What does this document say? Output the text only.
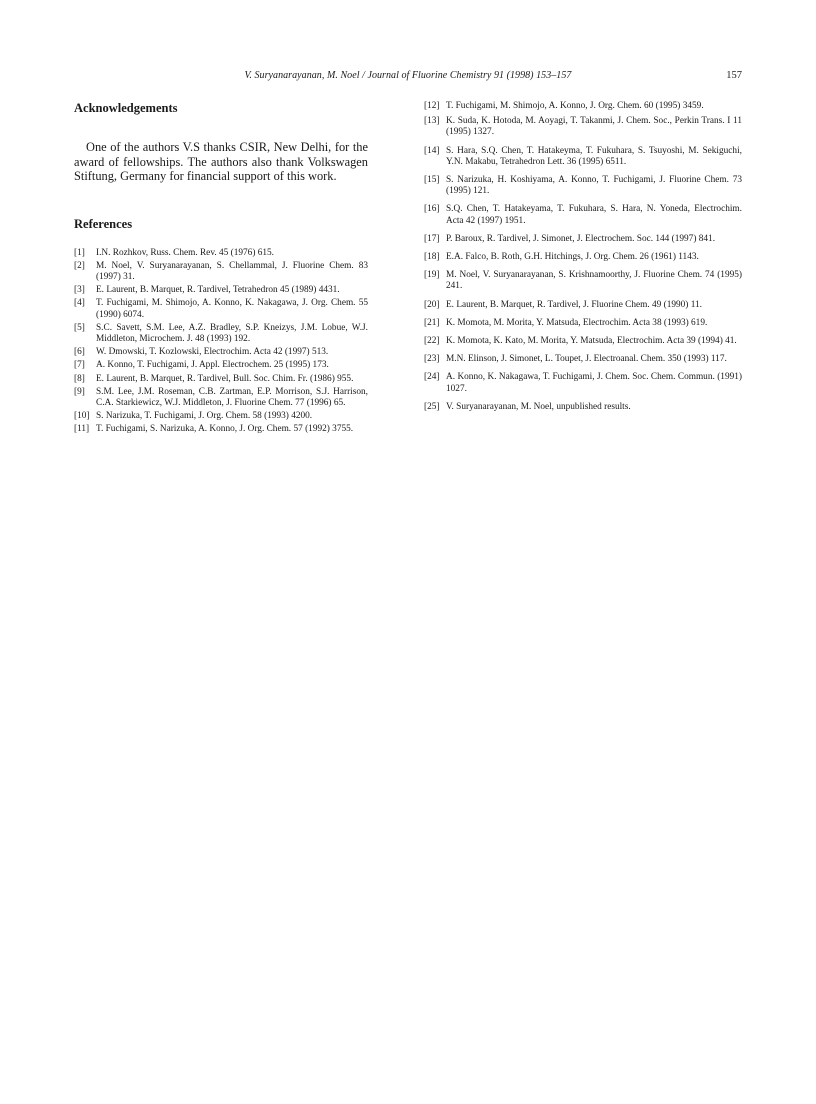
V. Suryanarayanan, M. Noel / Journal of Fluorine Chemistry 91 (1998) 153–157	157
Acknowledgements

One of the authors V.S thanks CSIR, New Delhi, for the award of fellowships. The authors also thank Volkswagen Stiftung, Germany for financial support of this work.

References
[1]	I.N. Rozhkov, Russ. Chem. Rev. 45 (1976) 615.
[2]	M. Noel, V. Suryanarayanan, S. Chellammal, J. Fluorine Chem. 83 (1997) 31.
[3]	E. Laurent, B. Marquet, R. Tardivel, Tetrahedron 45 (1989) 4431.
[4]	T. Fuchigami, M. Shimojo, A. Konno, K. Nakagawa, J. Org. Chem. 55 (1990) 6074.
[5]	S.C. Savett, S.M. Lee, A.Z. Bradley, S.P. Kneizys, J.M. Lobue, W.J. Middleton, Microchem. J. 48 (1993) 192.
[6]	W. Dmowski, T. Kozlowski, Electrochim. Acta 42 (1997) 513.
[7]	A. Konno, T. Fuchigami, J. Appl. Electrochem. 25 (1995) 173.
[8]	E. Laurent, B. Marquet, R. Tardivel, Bull. Soc. Chim. Fr. (1986) 955.
[9]	S.M. Lee, J.M. Roseman, C.B. Zartman, E.P. Morrison, S.J. Harrison, C.A. Starkiewicz, W.J. Middleton, J. Fluorine Chem. 77 (1996) 65.
[10] S. Narizuka, T. Fuchigami, J. Org. Chem. 58 (1993) 4200.
[11] T. Fuchigami, S. Narizuka, A. Konno, J. Org. Chem. 57 (1992) 3755.
[12] T. Fuchigami, M. Shimojo, A. Konno, J. Org. Chem. 60 (1995) 3459.
[13] K. Suda, K. Hotoda, M. Aoyagi, T. Takanmi, J. Chem. Soc., Perkin Trans. I 11 (1995) 1327.
[14] S. Hara, S.Q. Chen, T. Hatakeyma, T. Fukuhara, S. Tsuyoshi, M. Sekiguchi, Y.N. Makabu, Tetrahedron Lett. 36 (1995) 6511.
[15] S. Narizuka, H. Koshiyama, A. Konno, T. Fuchigami, J. Fluorine Chem. 73 (1995) 121.
[16] S.Q. Chen, T. Hatakeyama, T. Fukuhara, S. Hara, N. Yoneda, Electrochim. Acta 42 (1997) 1951.
[17] P. Baroux, R. Tardivel, J. Simonet, J. Electrochem. Soc. 144 (1997) 841.
[18] E.A. Falco, B. Roth, G.H. Hitchings, J. Org. Chem. 26 (1961) 1143.
[19] M. Noel, V. Suryanarayanan, S. Krishnamoorthy, J. Fluorine Chem. 74 (1995) 241.
[20] E. Laurent, B. Marquet, R. Tardivel, J. Fluorine Chem. 49 (1990) 11.
[21] K. Momota, M. Morita, Y. Matsuda, Electrochim. Acta 38 (1993) 619.
[22] K. Momota, K. Kato, M. Morita, Y. Matsuda, Electrochim. Acta 39 (1994) 41.
[23] M.N. Elinson, J. Simonet, L. Toupet, J. Electroanal. Chem. 350 (1993) 117.
[24] A. Konno, K. Nakagawa, T. Fuchigami, J. Chem. Soc. Chem. Commun. (1991) 1027.
[25] V. Suryanarayanan, M. Noel, unpublished results.
